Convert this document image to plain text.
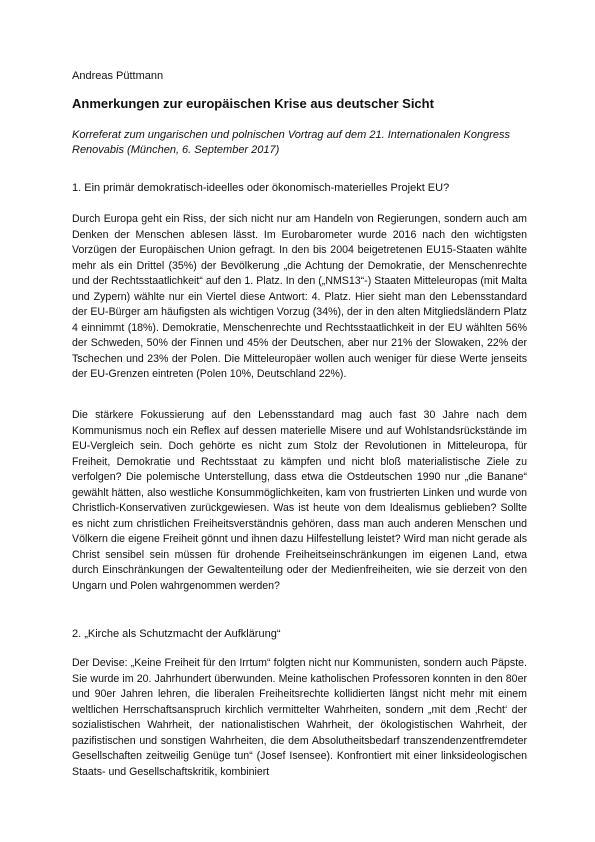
Andreas Püttmann
Anmerkungen zur europäischen Krise aus deutscher Sicht

Korreferat zum ungarischen und polnischen Vortrag auf dem 21. Internationalen Kongress Renovabis (München, 6. September 2017)

1. Ein primär demokratisch-ideelles oder ökonomisch-materielles Projekt EU?

Durch Europa geht ein Riss, der sich nicht nur am Handeln von Regierungen, sondern auch am Denken der Menschen ablesen lässt. Im Eurobarometer wurde 2016 nach den wichtigsten Vorzügen der Europäischen Union gefragt. In den bis 2004 beigetretenen EU15-Staaten wählte mehr als ein Drittel (35%) der Bevölkerung „die Achtung der Demokratie, der Menschenrechte und der Rechtsstaatlichkeit“ auf den 1. Platz. In den („NMS13“-) Staaten Mitteleuropas (mit Malta und Zypern) wählte nur ein Viertel diese Antwort: 4. Platz. Hier sieht man den Lebensstandard der EU-Bürger am häufigsten als wichtigen Vorzug (34%), der in den alten Mitgliedsländern Platz 4 einnimmt (18%). Demokratie, Menschenrechte und Rechtsstaatlichkeit in der EU wählten 56% der Schweden, 50% der Finnen und 45% der Deutschen, aber nur 21% der Slowaken, 22% der Tschechen und 23% der Polen. Die Mitteleuropäer wollen auch weniger für diese Werte jenseits der EU-Grenzen eintreten (Polen 10%, Deutschland 22%).

Die stärkere Fokussierung auf den Lebensstandard mag auch fast 30 Jahre nach dem Kommunismus noch ein Reflex auf dessen materielle Misere und auf Wohlstandsrückstände im EU-Vergleich sein. Doch gehörte es nicht zum Stolz der Revolutionen in Mitteleuropa, für Freiheit, Demokratie und Rechtsstaat zu kämpfen und nicht bloß materialistische Ziele zu verfolgen? Die polemische Unterstellung, dass etwa die Ostdeutschen 1990 nur „die Banane“ gewählt hätten, also westliche Konsummöglichkeiten, kam von frustrierten Linken und wurde von Christlich-Konservativen zurückgewiesen. Was ist heute von dem Idealismus geblieben? Sollte es nicht zum christlichen Freiheitsverständnis gehören, dass man auch anderen Menschen und Völkern die eigene Freiheit gönnt und ihnen dazu Hilfestellung leistet? Wird man nicht gerade als Christ sensibel sein müssen für drohende Freiheitseinschränkungen im eigenen Land, etwa durch Einschränkungen der Gewaltenteilung oder der Medienfreiheiten, wie sie derzeit von den Ungarn und Polen wahrgenommen werden?

2. „Kirche als Schutzmacht der Aufklärung“

Der Devise: „Keine Freiheit für den Irrtum“ folgten nicht nur Kommunisten, sondern auch Päpste. Sie wurde im 20. Jahrhundert überwunden. Meine katholischen Professoren konnten in den 80er und 90er Jahren lehren, die liberalen Freiheitsrechte kollidierten längst nicht mehr mit einem weltlichen Herrschaftsanspruch kirchlich vermittelter Wahrheiten, sondern „mit dem ‚Recht‘ der sozialistischen Wahrheit, der nationalistischen Wahrheit, der ökologistischen Wahrheit, der pazifistischen und sonstigen Wahrheiten, die dem Absolutheitsbedarf transzendenzentfremdeter Gesellschaften zeitweilig Genüge tun“ (Josef Isensee). Konfrontiert mit einer linksideologischen Staats- und Gesellschaftskritik, kombiniert
